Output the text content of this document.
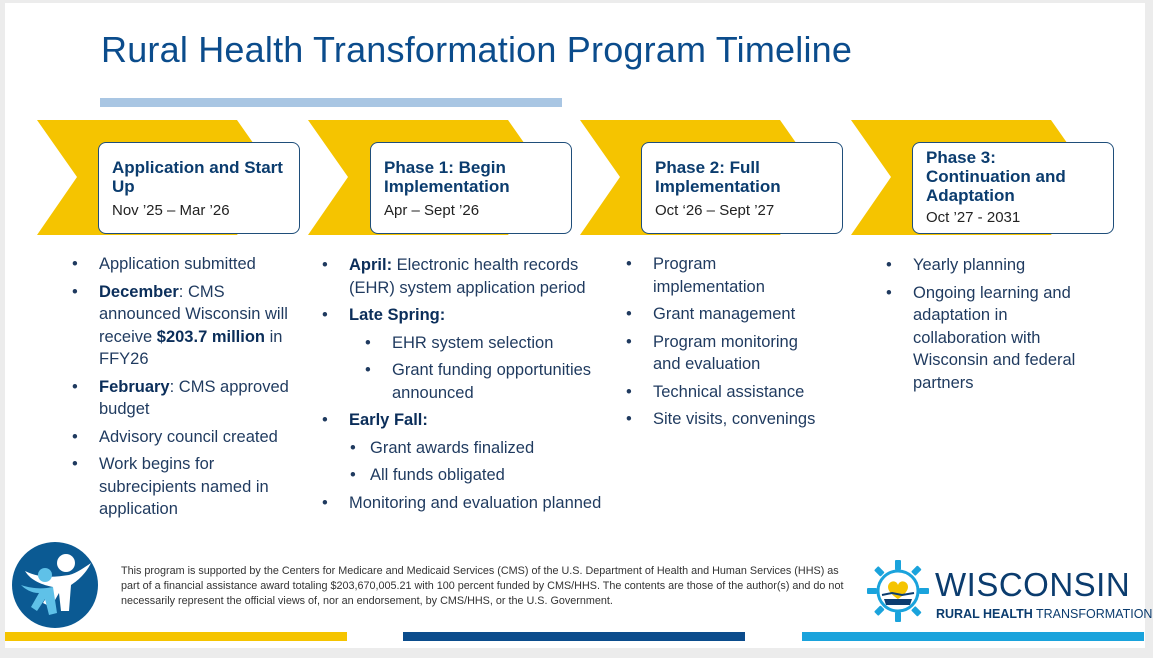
Rural Health Transformation Program Timeline
Application and Start Up
Nov ’25 – Mar ’26
Phase 1: Begin Implementation
Apr – Sept ’26
Phase 2: Full Implementation
Oct ‘26 – Sept ’27
Phase 3: Continuation and Adaptation
Oct ’27 - 2031
• Application submitted
• December: CMS announced Wisconsin will receive $203.7 million in FFY26
• February: CMS approved budget
• Advisory council created
• Work begins for subrecipients named in application
• April: Electronic health records (EHR) system application period
• Late Spring:
• EHR system selection
• Grant funding opportunities announced
• Early Fall:
• Grant awards finalized
• All funds obligated
• Monitoring and evaluation planned
• Program implementation
• Grant management
• Program monitoring and evaluation
• Technical assistance
• Site visits, convenings
• Yearly planning
• Ongoing learning and adaptation in collaboration with Wisconsin and federal partners
This program is supported by the Centers for Medicare and Medicaid Services (CMS) of the U.S. Department of Health and Human Services (HHS) as part of a financial assistance award totaling $203,670,005.21 with 100 percent funded by CMS/HHS. The contents are those of the author(s) and do not necessarily represent the official views of, nor an endorsement, by CMS/HHS, or the U.S. Government.	WISCONSIN
RURAL HEALTH TRANSFORMATION
